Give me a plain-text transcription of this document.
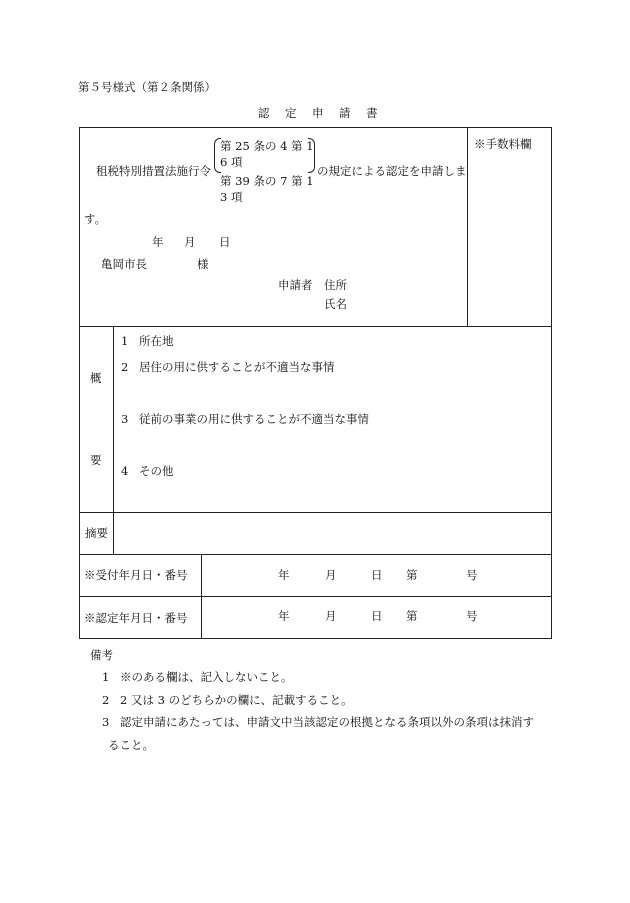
第５号様式（第２条関係）
認　定　申　請　書
租税特別措置法施行令
第 25 条の 4 第 1
6 項
第 39 条の 7 第 1
3 項
の規定による認定を申請しま
す。
年 月 日
亀岡市長	様
申請者 住所
氏名
※手数料欄
概
要
1 所在地
2 居住の用に供することが不適当な事情
3 従前の事業の用に供することが不適当な事情
4 その他
摘要
※受付年月日・番号	年	月	日 第	号
※認定年月日・番号	年	月	日 第	号
備考
1 ※のある欄は、記入しないこと。
2 2 又は 3 のどちらかの欄に、記載すること。
3 認定申請にあたっては、申請文中当該認定の根拠となる条項以外の条項は抹消す
ること。
